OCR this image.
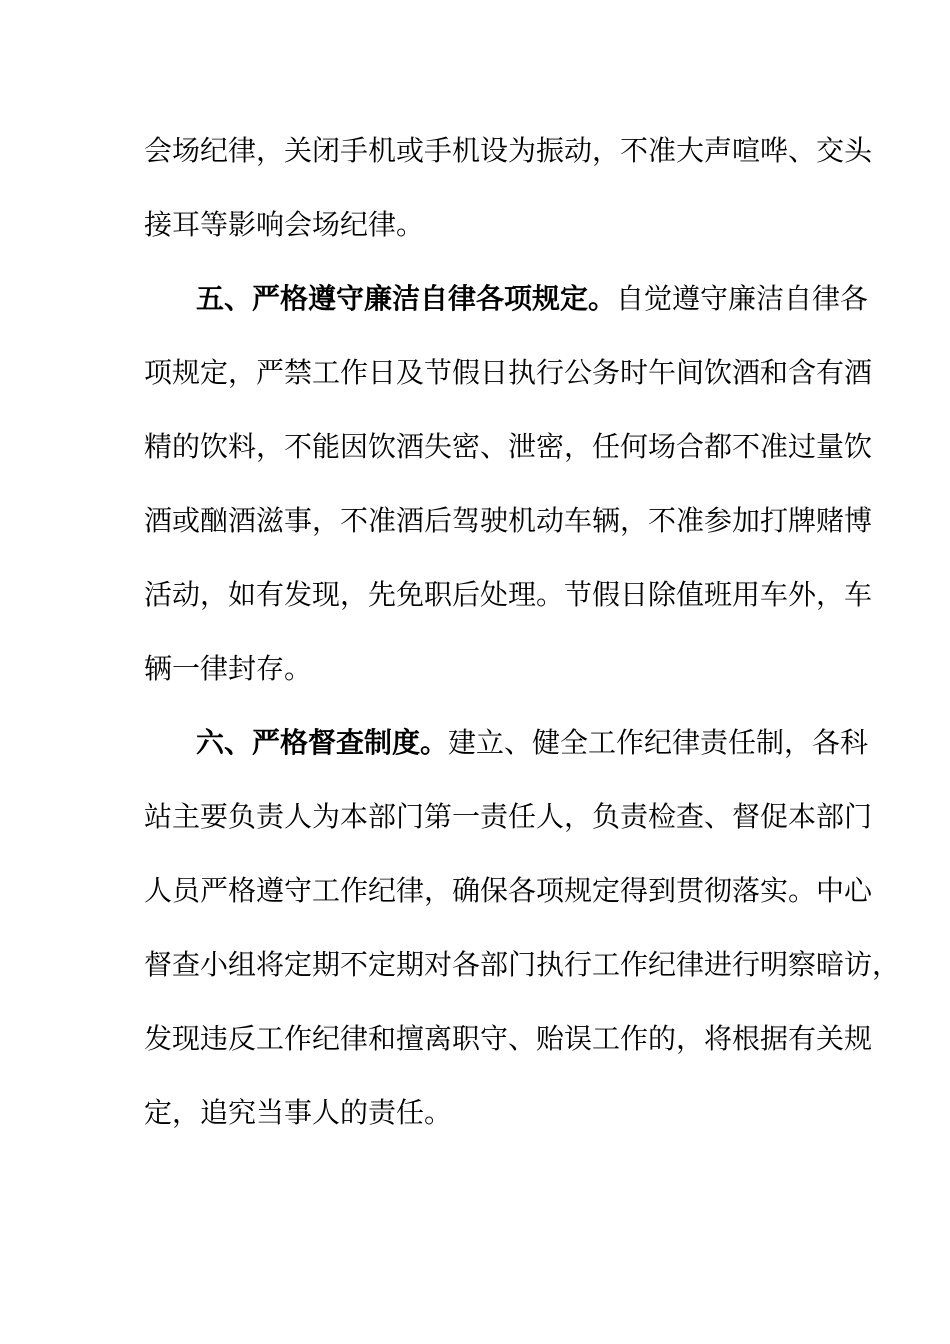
会场纪律，关闭手机或手机设为振动，不准大声喧哗、交头
接耳等影响会场纪律。
五、严格遵守廉洁自律各项规定。自觉遵守廉洁自律各
项规定，严禁工作日及节假日执行公务时午间饮酒和含有酒
精的饮料，不能因饮酒失密、泄密，任何场合都不准过量饮
酒或酗酒滋事，不准酒后驾驶机动车辆，不准参加打牌赌博
活动，如有发现，先免职后处理。节假日除值班用车外，车
辆一律封存。
六、严格督查制度。建立、健全工作纪律责任制，各科
站主要负责人为本部门第一责任人，负责检查、督促本部门
人员严格遵守工作纪律，确保各项规定得到贯彻落实。中心
督查小组将定期不定期对各部门执行工作纪律进行明察暗访，
发现违反工作纪律和擅离职守、贻误工作的，将根据有关规
定，追究当事人的责任。
